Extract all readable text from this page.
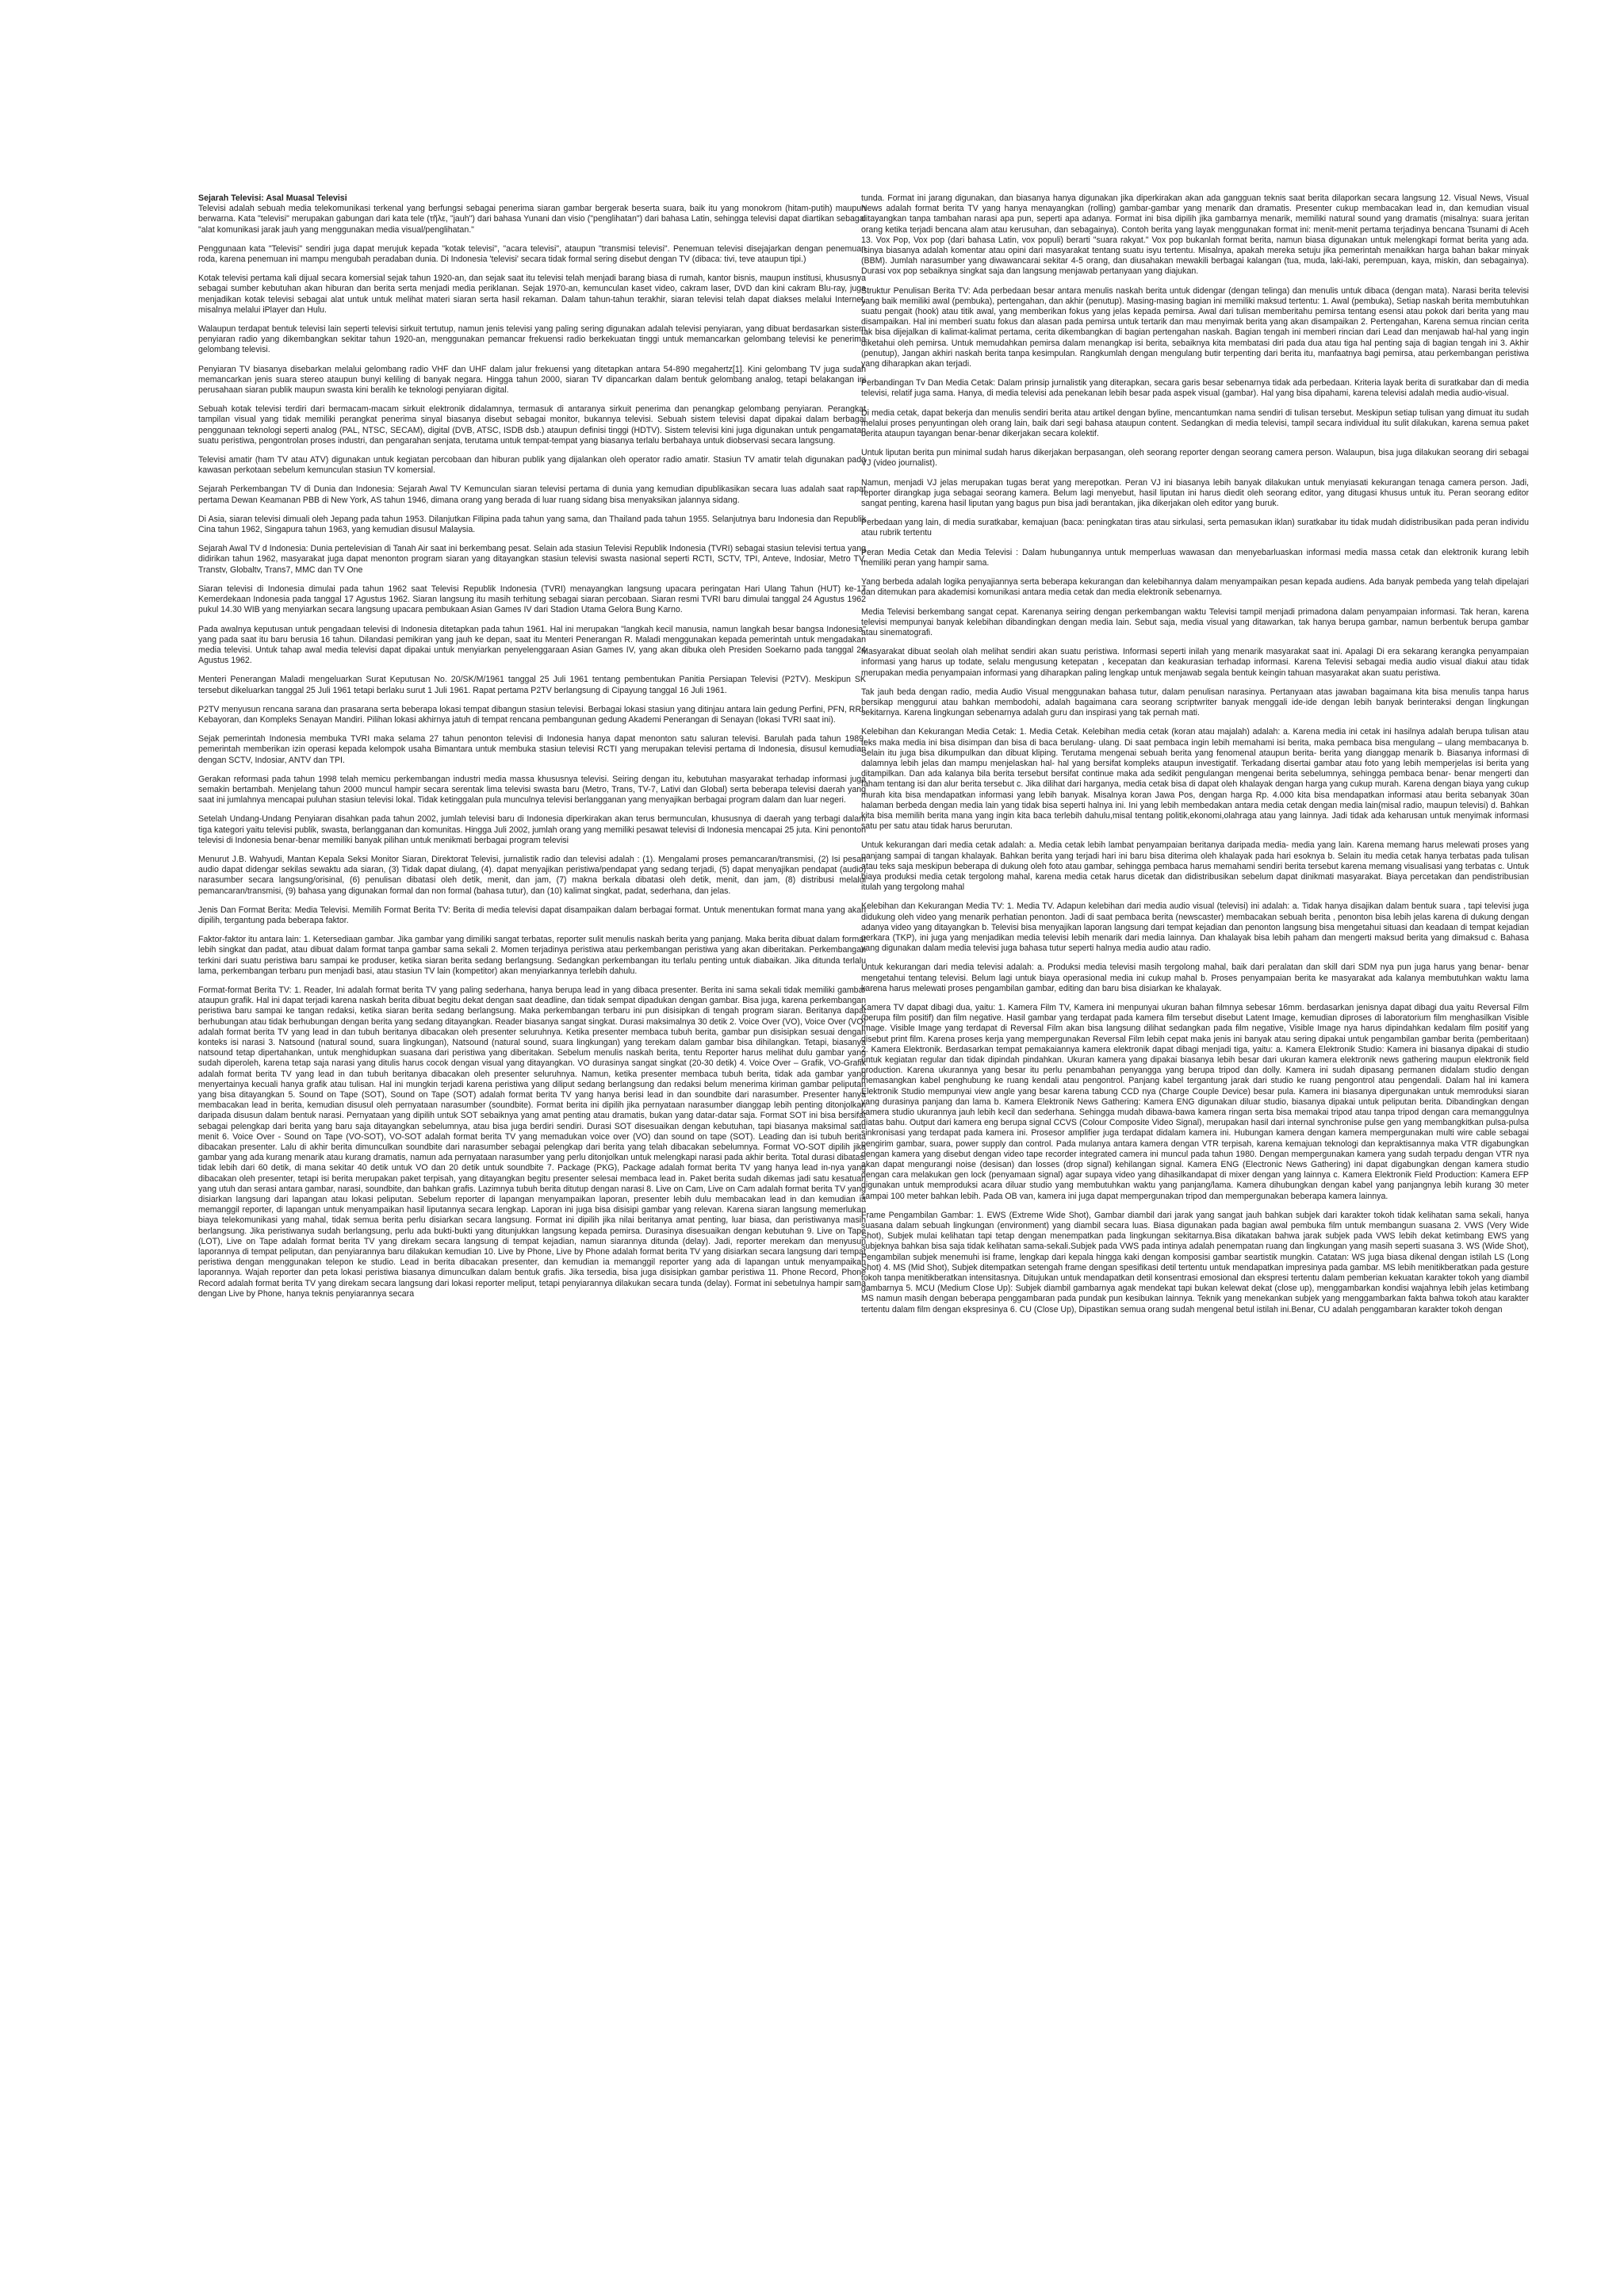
Sejarah Televisi: Asal Muasal Televisi

Televisi adalah sebuah media telekomunikasi terkenal yang berfungsi sebagai penerima siaran gambar bergerak beserta suara, baik itu yang monokrom (hitam-putih) maupun berwarna. Kata "televisi" merupakan gabungan dari kata tele (τῆλε, "jauh") dari bahasa Yunani dan visio ("penglihatan") dari bahasa Latin, sehingga televisi dapat diartikan sebagai "alat komunikasi jarak jauh yang menggunakan media visual/penglihatan."

Penggunaan kata "Televisi" sendiri juga dapat merujuk kepada "kotak televisi", "acara televisi", ataupun "transmisi televisi". Penemuan televisi disejajarkan dengan penemuan roda, karena penemuan ini mampu mengubah peradaban dunia. Di Indonesia 'televisi' secara tidak formal sering disebut dengan TV (dibaca: tivi, teve ataupun tipi.)

Kotak televisi pertama kali dijual secara komersial sejak tahun 1920-an, dan sejak saat itu televisi telah menjadi barang biasa di rumah, kantor bisnis, maupun institusi, khususnya sebagai sumber kebutuhan akan hiburan dan berita serta menjadi media periklanan. Sejak 1970-an, kemunculan kaset video, cakram laser, DVD dan kini cakram Blu-ray, juga menjadikan kotak televisi sebagai alat untuk untuk melihat materi siaran serta hasil rekaman. Dalam tahun-tahun terakhir, siaran televisi telah dapat diakses melalui Internet, misalnya melalui iPlayer dan Hulu.

Walaupun terdapat bentuk televisi lain seperti televisi sirkuit tertutup, namun jenis televisi yang paling sering digunakan adalah televisi penyiaran, yang dibuat berdasarkan sistem penyiaran radio yang dikembangkan sekitar tahun 1920-an, menggunakan pemancar frekuensi radio berkekuatan tinggi untuk memancarkan gelombang televisi ke penerima gelombang televisi.

Penyiaran TV biasanya disebarkan melalui gelombang radio VHF dan UHF dalam jalur frekuensi yang ditetapkan antara 54-890 megahertz[1]. Kini gelombang TV juga sudah memancarkan jenis suara stereo ataupun bunyi keliling di banyak negara. Hingga tahun 2000, siaran TV dipancarkan dalam bentuk gelombang analog, tetapi belakangan ini perusahaan siaran publik maupun swasta kini beralih ke teknologi penyiaran digital.

Sebuah kotak televisi terdiri dari bermacam-macam sirkuit elektronik didalamnya, termasuk di antaranya sirkuit penerima dan penangkap gelombang penyiaran. Perangkat tampilan visual yang tidak memiliki perangkat penerima sinyal biasanya disebut sebagai monitor, bukannya televisi. Sebuah sistem televisi dapat dipakai dalam berbagai penggunaan teknologi seperti analog (PAL, NTSC, SECAM), digital (DVB, ATSC, ISDB dsb.) ataupun definisi tinggi (HDTV). Sistem televisi kini juga digunakan untuk pengamatan suatu peristiwa, pengontrolan proses industri, dan pengarahan senjata, terutama untuk tempat-tempat yang biasanya terlalu berbahaya untuk diobservasi secara langsung.

Televisi amatir (ham TV atau ATV) digunakan untuk kegiatan percobaan dan hiburan publik yang dijalankan oleh operator radio amatir. Stasiun TV amatir telah digunakan pada kawasan perkotaan sebelum kemunculan stasiun TV komersial.

Sejarah Perkembangan TV di Dunia dan Indonesia: Sejarah Awal TV Kemunculan siaran televisi pertama di dunia yang kemudian dipublikasikan secara luas adalah saat rapat pertama Dewan Keamanan PBB di New York, AS tahun 1946, dimana orang yang berada di luar ruang sidang bisa menyaksikan jalannya sidang.

Di Asia, siaran televisi dimuali oleh Jepang pada tahun 1953. Dilanjutkan Filipina pada tahun yang sama, dan Thailand pada tahun 1955. Selanjutnya baru Indonesia dan Republik Cina tahun 1962, Singapura tahun 1963, yang kemudian disusul Malaysia.

Sejarah Awal TV d Indonesia: Dunia pertelevisian di Tanah Air saat ini berkembang pesat. Selain ada stasiun Televisi Republik Indonesia (TVRI) sebagai stasiun televisi tertua yang didirikan tahun 1962, masyarakat juga dapat menonton program siaran yang ditayangkan stasiun televisi swasta nasional seperti RCTI, SCTV, TPI, Anteve, Indosiar, Metro TV, Transtv, Globaltv, Trans7, MMC dan TV One

Siaran televisi di Indonesia dimulai pada tahun 1962 saat Televisi Republik Indonesia (TVRI) menayangkan langsung upacara peringatan Hari Ulang Tahun (HUT) ke-17 Kemerdekaan Indonesia pada tanggal 17 Agustus 1962. Siaran langsung itu masih terhitung sebagai siaran percobaan. Siaran resmi TVRI baru dimulai tanggal 24 Agustus 1962 pukul 14.30 WIB yang menyiarkan secara langsung upacara pembukaan Asian Games IV dari Stadion Utama Gelora Bung Karno.

Pada awalnya keputusan untuk pengadaan televisi di Indonesia ditetapkan pada tahun 1961. Hal ini merupakan "langkah kecil manusia, namun langkah besar bangsa Indonesia" yang pada saat itu baru berusia 16 tahun. Dilandasi pemikiran yang jauh ke depan, saat itu Menteri Penerangan R. Maladi menggunakan kepada pemerintah untuk mengadakan media televisi. Untuk tahap awal media televisi dapat dipakai untuk menyiarkan penyelenggaraan Asian Games IV, yang akan dibuka oleh Presiden Soekarno pada tanggal 24 Agustus 1962.

Menteri Penerangan Maladi mengeluarkan Surat Keputusan No. 20/SK/M/1961 tanggal 25 Juli 1961 tentang pembentukan Panitia Persiapan Televisi (P2TV). Meskipun SK tersebut dikeluarkan tanggal 25 Juli 1961 tetapi berlaku surut 1 Juli 1961. Rapat pertama P2TV berlangsung di Cipayung tanggal 16 Juli 1961.

P2TV menyusun rencana sarana dan prasarana serta beberapa lokasi tempat dibangun stasiun televisi. Berbagai lokasi stasiun yang ditinjau antara lain gedung Perfini, PFN, RRI, Kebayoran, dan Kompleks Senayan Mandiri. Pilihan lokasi akhirnya jatuh di tempat rencana pembangunan gedung Akademi Penerangan di Senayan (lokasi TVRI saat ini).

Sejak pemerintah Indonesia membuka TVRI maka selama 27 tahun penonton televisi di Indonesia hanya dapat menonton satu saluran televisi. Barulah pada tahun 1989, pemerintah memberikan izin operasi kepada kelompok usaha Bimantara untuk membuka stasiun televisi RCTI yang merupakan televisi pertama di Indonesia, disusul kemudian dengan SCTV, Indosiar, ANTV dan TPI.

Gerakan reformasi pada tahun 1998 telah memicu perkembangan industri media massa khususnya televisi. Seiring dengan itu, kebutuhan masyarakat terhadap informasi juga semakin bertambah. Menjelang tahun 2000 muncul hampir secara serentak lima televisi swasta baru (Metro, Trans, TV-7, Lativi dan Global) serta beberapa televisi daerah yang saat ini jumlahnya mencapai puluhan stasiun televisi lokal. Tidak ketinggalan pula munculnya televisi berlangganan yang menyajikan berbagai program dalam dan luar negeri.

Setelah Undang-Undang Penyiaran disahkan pada tahun 2002, jumlah televisi baru di Indonesia diperkirakan akan terus bermunculan, khususnya di daerah yang terbagi dalam tiga kategori yaitu televisi publik, swasta, berlangganan dan komunitas. Hingga Juli 2002, jumlah orang yang memiliki pesawat televisi di Indonesia mencapai 25 juta. Kini penonton televisi di Indonesia benar-benar memiliki banyak pilihan untuk menikmati berbagai program televisi

Menurut J.B. Wahyudi, Mantan Kepala Seksi Monitor Siaran, Direktorat Televisi, jurnalistik radio dan televisi adalah : (1). Mengalami proses pemancaran/transmisi, (2) Isi pesan audio dapat didengar sekilas sewaktu ada siaran, (3) Tidak dapat diulang, (4). dapat menyajikan peristiwa/pendapat yang sedang terjadi, (5) dapat menyajikan pendapat (audio) narasumber secara langsung/orisinal, (6) penulisan dibatasi oleh detik, menit, dan jam, (7) makna berkala dibatasi oleh detik, menit, dan jam, (8) distribusi melalui pemancaran/transmisi, (9) bahasa yang digunakan formal dan non formal (bahasa tutur), dan (10) kalimat singkat, padat, sederhana, dan jelas.

Jenis Dan Format Berita: Media Televisi. Memilih Format Berita TV: Berita di media televisi dapat disampaikan dalam berbagai format. Untuk menentukan format mana yang akan dipilih, tergantung pada beberapa faktor.

Faktor-faktor itu antara lain: 1. Ketersediaan gambar. Jika gambar yang dimiliki sangat terbatas, reporter sulit menulis naskah berita yang panjang. Maka berita dibuat dalam format lebih singkat dan padat, atau dibuat dalam format tanpa gambar sama sekali 2. Momen terjadinya peristiwa atau perkembangan peristiwa yang akan diberitakan. Perkembangan terkini dari suatu peristiwa baru sampai ke produser, ketika siaran berita sedang berlangsung. Sedangkan perkembangan itu terlalu penting untuk diabaikan. Jika ditunda terlalu lama, perkembangan terbaru pun menjadi basi, atau stasiun TV lain (kompetitor) akan menyiarkannya terlebih dahulu.

Format-format Berita TV: 1. Reader, Ini adalah format berita TV yang paling sederhana, hanya berupa lead in yang dibaca presenter. Berita ini sama sekali tidak memiliki gambar ataupun grafik. Hal ini dapat terjadi karena naskah berita dibuat begitu dekat dengan saat deadline, dan tidak sempat dipadukan dengan gambar. Bisa juga, karena perkembangan peristiwa baru sampai ke tangan redaksi, ketika siaran berita sedang berlangsung. Maka perkembangan terbaru ini pun disisipkan di tengah program siaran. Beritanya dapat berhubungan atau tidak berhubungan dengan berita yang sedang ditayangkan. Reader biasanya sangat singkat. Durasi maksimalnya 30 detik 2. Voice Over (VO), Voice Over (VO) adalah format berita TV yang lead in dan tubuh beritanya dibacakan oleh presenter seluruhnya. Ketika presenter membaca tubuh berita, gambar pun disisipkan sesuai dengan konteks isi narasi 3. Natsound (natural sound, suara lingkungan), Natsound (natural sound, suara lingkungan) yang terekam dalam gambar bisa dihilangkan. Tetapi, biasanya natsound tetap dipertahankan, untuk menghidupkan suasana dari peristiwa yang diberitakan. Sebelum menulis naskah berita, tentu Reporter harus melihat dulu gambar yang sudah diperoleh, karena tetap saja narasi yang ditulis harus cocok dengan visual yang ditayangkan. VO durasinya sangat singkat (20-30 detik) 4. Voice Over – Grafik, VO-Grafik adalah format berita TV yang lead in dan tubuh beritanya dibacakan oleh presenter seluruhnya. Namun, ketika presenter membaca tubuh berita, tidak ada gambar yang menyertainya kecuali hanya grafik atau tulisan. Hal ini mungkin terjadi karena peristiwa yang diliput sedang berlangsung dan redaksi belum menerima kiriman gambar peliputan yang bisa ditayangkan 5. Sound on Tape (SOT), Sound on Tape (SOT) adalah format berita TV yang hanya berisi lead in dan soundbite dari narasumber. Presenter hanya membacakan lead in berita, kemudian disusul oleh pernyataan narasumber (soundbite). Format berita ini dipilih jika pernyataan narasumber dianggap lebih penting ditonjolkan daripada disusun dalam bentuk narasi. Pernyataan yang dipilih untuk SOT sebaiknya yang amat penting atau dramatis, bukan yang datar-datar saja. Format SOT ini bisa bersifat sebagai pelengkap dari berita yang baru saja ditayangkan sebelumnya, atau bisa juga berdiri sendiri. Durasi SOT disesuaikan dengan kebutuhan, tapi biasanya maksimal satu menit 6. Voice Over - Sound on Tape (VO-SOT), VO-SOT adalah format berita TV yang memadukan voice over (VO) dan sound on tape (SOT). Leading dan isi tubuh berita dibacakan presenter. Lalu di akhir berita dimunculkan soundbite dari narasumber sebagai pelengkap dari berita yang telah dibacakan sebelumnya. Format VO-SOT dipilih jika gambar yang ada kurang menarik atau kurang dramatis, namun ada pernyataan narasumber yang perlu ditonjolkan untuk melengkapi narasi pada akhir berita. Total durasi dibatasi tidak lebih dari 60 detik, di mana sekitar 40 detik untuk VO dan 20 detik untuk soundbite 7. Package (PKG), Package adalah format berita TV yang hanya lead in-nya yang dibacakan oleh presenter, tetapi isi berita merupakan paket terpisah, yang ditayangkan begitu presenter selesai membaca lead in. Paket berita sudah dikemas jadi satu kesatuan yang utuh dan serasi antara gambar, narasi, soundbite, dan bahkan grafis. Lazimnya tubuh berita ditutup dengan narasi 8. Live on Cam, Live on Cam adalah format berita TV yang disiarkan langsung dari lapangan atau lokasi peliputan. Sebelum reporter di lapangan menyampaikan laporan, presenter lebih dulu membacakan lead in dan kemudian ia memanggil reporter, di lapangan untuk menyampaikan hasil liputannya secara lengkap. Laporan ini juga bisa disisipi gambar yang relevan. Karena siaran langsung memerlukan biaya telekomunikasi yang mahal, tidak semua berita perlu disiarkan secara langsung. Format ini dipilih jika nilai beritanya amat penting, luar biasa, dan peristiwanya masih berlangsung. Jika peristiwanya sudah berlangsung, perlu ada bukti-bukti yang ditunjukkan langsung kepada pemirsa. Durasinya disesuaikan dengan kebutuhan 9. Live on Tape (LOT), Live on Tape adalah format berita TV yang direkam secara langsung di tempat kejadian, namun siarannya ditunda (delay). Jadi, reporter merekam dan menyusun laporannya di tempat peliputan, dan penyiarannya baru dilakukan kemudian 10. Live by Phone, Live by Phone adalah format berita TV yang disiarkan secara langsung dari tempat peristiwa dengan menggunakan telepon ke studio. Lead in berita dibacakan presenter, dan kemudian ia memanggil reporter yang ada di lapangan untuk menyampaikan laporannya. Wajah reporter dan peta lokasi peristiwa biasanya dimunculkan dalam bentuk grafis. Jika tersedia, bisa juga disisipkan gambar peristiwa 11. Phone Record, Phone Record adalah format berita TV yang direkam secara langsung dari lokasi reporter meliput, tetapi penyiarannya dilakukan secara tunda (delay). Format ini sebetulnya hampir sama dengan Live by Phone, hanya teknis penyiarannya secara

tunda. Format ini jarang digunakan, dan biasanya hanya digunakan jika diperkirakan akan ada gangguan teknis saat berita dilaporkan secara langsung 12. Visual News, Visual News adalah format berita TV yang hanya menayangkan (rolling) gambar-gambar yang menarik dan dramatis. Presenter cukup membacakan lead in, dan kemudian visual ditayangkan tanpa tambahan narasi apa pun, seperti apa adanya. Format ini bisa dipilih jika gambarnya menarik, memiliki natural sound yang dramatis (misalnya: suara jeritan orang ketika terjadi bencana alam atau kerusuhan, dan sebagainya). Contoh berita yang layak menggunakan format ini: menit-menit pertama terjadinya bencana Tsunami di Aceh 13. Vox Pop, Vox pop (dari bahasa Latin, vox populi) berarti "suara rakyat." Vox pop bukanlah format berita, namun biasa digunakan untuk melengkapi format berita yang ada. Isinya biasanya adalah komentar atau opini dari masyarakat tentang suatu isyu tertentu. Misalnya, apakah mereka setuju jika pemerintah menaikkan harga bahan bakar minyak (BBM). Jumlah narasumber yang diwawancarai sekitar 4-5 orang, dan diusahakan mewakili berbagai kalangan (tua, muda, laki-laki, perempuan, kaya, miskin, dan sebagainya). Durasi vox pop sebaiknya singkat saja dan langsung menjawab pertanyaan yang diajukan.

Struktur Penulisan Berita TV: Ada perbedaan besar antara menulis naskah berita untuk didengar (dengan telinga) dan menulis untuk dibaca (dengan mata). Narasi berita televisi yang baik memiliki awal (pembuka), pertengahan, dan akhir (penutup). Masing-masing bagian ini memiliki maksud tertentu: 1. Awal (pembuka), Setiap naskah berita membutuhkan suatu pengait (hook) atau titik awal, yang memberikan fokus yang jelas kepada pemirsa. Awal dari tulisan memberitahu pemirsa tentang esensi atau pokok dari berita yang mau disampaikan. Hal ini memberi suatu fokus dan alasan pada pemirsa untuk tertarik dan mau menyimak berita yang akan disampaikan 2. Pertengahan, Karena semua rincian cerita tak bisa dijejalkan di kalimat-kalimat pertama, cerita dikembangkan di bagian pertengahan naskah. Bagian tengah ini memberi rincian dari Lead dan menjawab hal-hal yang ingin diketahui oleh pemirsa. Untuk memudahkan pemirsa dalam menangkap isi berita, sebaiknya kita membatasi diri pada dua atau tiga hal penting saja di bagian tengah ini 3. Akhir (penutup), Jangan akhiri naskah berita tanpa kesimpulan. Rangkumlah dengan mengulang butir terpenting dari berita itu, manfaatnya bagi pemirsa, atau perkembangan peristiwa yang diharapkan akan terjadi.

Perbandingan Tv Dan Media Cetak: Dalam prinsip jurnalistik yang diterapkan, secara garis besar sebenarnya tidak ada perbedaan. Kriteria layak berita di suratkabar dan di media televisi, relatif juga sama. Hanya, di media televisi ada penekanan lebih besar pada aspek visual (gambar). Hal yang bisa dipahami, karena televisi adalah media audio-visual.

Di media cetak, dapat bekerja dan menulis sendiri berita atau artikel dengan byline, mencantumkan nama sendiri di tulisan tersebut. Meskipun setiap tulisan yang dimuat itu sudah melalui proses penyuntingan oleh orang lain, baik dari segi bahasa ataupun content. Sedangkan di media televisi, tampil secara individual itu sulit dilakukan, karena semua paket berita ataupun tayangan benar-benar dikerjakan secara kolektif.

Untuk liputan berita pun minimal sudah harus dikerjakan berpasangan, oleh seorang reporter dengan seorang camera person. Walaupun, bisa juga dilakukan seorang diri sebagai VJ (video journalist).

Namun, menjadi VJ jelas merupakan tugas berat yang merepotkan. Peran VJ ini biasanya lebih banyak dilakukan untuk menyiasati kekurangan tenaga camera person. Jadi, reporter dirangkap juga sebagai seorang kamera. Belum lagi menyebut, hasil liputan ini harus diedit oleh seorang editor, yang ditugasi khusus untuk itu. Peran seorang editor sangat penting, karena hasil liputan yang bagus pun bisa jadi berantakan, jika dikerjakan oleh editor yang buruk.

Perbedaan yang lain, di media suratkabar, kemajuan (baca: peningkatan tiras atau sirkulasi, serta pemasukan iklan) suratkabar itu tidak mudah didistribusikan pada peran individu atau rubrik tertentu

Peran Media Cetak dan Media Televisi : Dalam hubungannya untuk memperluas wawasan dan menyebarluaskan informasi media massa cetak dan elektronik kurang lebih memiliki peran yang hampir sama.

Yang berbeda adalah logika penyajiannya serta beberapa kekurangan dan kelebihannya dalam menyampaikan pesan kepada audiens. Ada banyak pembeda yang telah dipelajari dan ditemukan para akademisi komunikasi antara media cetak dan media elektronik sebenarnya.

Media Televisi berkembang sangat cepat. Karenanya seiring dengan perkembangan waktu Televisi tampil menjadi primadona dalam penyampaian informasi. Tak heran, karena televisi mempunyai banyak kelebihan dibandingkan dengan media lain. Sebut saja, media visual yang ditawarkan, tak hanya berupa gambar, namun berbentuk berupa gambar atau sinematografi.

Masyarakat dibuat seolah olah melihat sendiri akan suatu peristiwa. Informasi seperti inilah yang menarik masyarakat saat ini. Apalagi Di era sekarang kerangka penyampaian informasi yang harus up todate, selalu mengusung ketepatan , kecepatan dan keakurasian terhadap informasi. Karena Televisi sebagai media audio visual diakui atau tidak merupakan media penyampaian informasi yang diharapkan paling lengkap untuk menjawab segala bentuk keingin tahuan masyarakat akan suatu peristiwa.

Tak jauh beda dengan radio, media Audio Visual menggunakan bahasa tutur, dalam penulisan narasinya. Pertanyaan atas jawaban bagaimana kita bisa menulis tanpa harus bersikap menggurui atau bahkan membodohi, adalah bagaimana cara seorang scriptwriter banyak menggali ide-ide dengan lebih banyak berinteraksi dengan lingkungan sekitarnya. Karena lingkungan sebenarnya adalah guru dan inspirasi yang tak pernah mati.

Kelebihan dan Kekurangan Media Cetak: 1. Media Cetak. Kelebihan media cetak (koran atau majalah) adalah: a. Karena media ini cetak ini hasilnya adalah berupa tulisan atau teks maka media ini bisa disimpan dan bisa di baca berulang- ulang. Di saat pembaca ingin lebih memahami isi berita, maka pembaca bisa mengulang – ulang membacanya b. Selain itu juga bisa dikumpulkan dan dibuat kliping. Terutama mengenai sebuah berita yang fenomenal ataupun berita- berita yang dianggap menarik b. Biasanya informasi di dalamnya lebih jelas dan mampu menjelaskan hal- hal yang bersifat kompleks ataupun investigatif. Terkadang disertai gambar atau foto yang lebih memperjelas isi berita yang ditampilkan. Dan ada kalanya bila berita tersebut bersifat continue maka ada sedikit pengulangan mengenai berita sebelumnya, sehingga pembaca benar- benar mengerti dan faham tentang isi dan alur berita tersebut c. Jika dilihat dari harganya, media cetak bisa di dapat oleh khalayak dengan harga yang cukup murah. Karena dengan biaya yang cukup murah kita bisa mendapatkan informasi yang lebih banyak. Misalnya koran Jawa Pos, dengan harga Rp. 4.000 kita bisa mendapatkan informasi atau berita sebanyak 30an halaman berbeda dengan media lain yang tidak bisa seperti halnya ini. Ini yang lebih membedakan antara media cetak dengan media lain(misal radio, maupun televisi) d. Bahkan kita bisa memilih berita mana yang ingin kita baca terlebih dahulu,misal tentang politik,ekonomi,olahraga atau yang lainnya. Jadi tidak ada keharusan untuk menyimak informasi satu per satu atau tidak harus berurutan.

Untuk kekurangan dari media cetak adalah: a. Media cetak lebih lambat penyampaian beritanya daripada media- media yang lain. Karena memang harus melewati proses yang panjang sampai di tangan khalayak. Bahkan berita yang terjadi hari ini baru bisa diterima oleh khalayak pada hari esoknya b. Selain itu media cetak hanya terbatas pada tulisan atau teks saja meskipun beberapa di dukung oleh foto atau gambar, sehingga pembaca harus memahami sendiri berita tersebut karena memang visualisasi yang terbatas c. Untuk biaya produksi media cetak tergolong mahal, karena media cetak harus dicetak dan didistribusikan sebelum dapat dinikmati masyarakat. Biaya percetakan dan pendistribusian itulah yang tergolong mahal

Kelebihan dan Kekurangan Media TV: 1. Media TV. Adapun kelebihan dari media audio visual (televisi) ini adalah: a. Tidak hanya disajikan dalam bentuk suara , tapi televisi juga didukung oleh video yang menarik perhatian penonton. Jadi di saat pembaca berita (newscaster) membacakan sebuah berita , penonton bisa lebih jelas karena di dukung dengan adanya video yang ditayangkan b. Televisi bisa menyajikan laporan langsung dari tempat kejadian dan penonton langsung bisa mengetahui situasi dan keadaan di tempat kejadian perkara (TKP), ini juga yang menjadikan media televisi lebih menarik dari media lainnya. Dan khalayak bisa lebih paham dan mengerti maksud berita yang dimaksud c. Bahasa yang digunakan dalam media televisi juga bahasa tutur seperti halnya media audio atau radio.

Untuk kekurangan dari media televisi adalah: a. Produksi media televisi masih tergolong mahal, baik dari peralatan dan skill dari SDM nya pun juga harus yang benar- benar mengetahui tentang televisi. Belum lagi untuk biaya operasional media ini cukup mahal b. Proses penyampaian berita ke masyarakat ada kalanya membutuhkan waktu lama karena harus melewati proses pengambilan gambar, editing dan baru bisa disiarkan ke khalayak.

Kamera TV dapat dibagi dua, yaitu: 1. Kamera Film TV, Kamera ini menpunyai ukuran bahan filmnya sebesar 16mm. berdasarkan jenisnya dapat dibagi dua yaitu Reversal Film (berupa film positif) dan film negative. Hasil gambar yang terdapat pada kamera film tersebut disebut Latent Image, kemudian diproses di laboratorium film menghasilkan Visible Image. Visible Image yang terdapat di Reversal Film akan bisa langsung dilihat sedangkan pada film negative, Visible Image nya harus dipindahkan kedalam film positif yang disebut print film. Karena proses kerja yang mempergunakan Reversal Film lebih cepat maka jenis ini banyak atau sering dipakai untuk pengambilan gambar berita (pemberitaan) 2. Kamera Elektronik. Berdasarkan tempat pemakaiannya kamera elektronik dapat dibagi menjadi tiga, yaitu: a. Kamera Elektronik Studio: Kamera ini biasanya dipakai di studio untuk kegiatan regular dan tidak dipindah pindahkan. Ukuran kamera yang dipakai biasanya lebih besar dari ukuran kamera elektronik news gathering maupun elektronik field production. Karena ukurannya yang besar itu perlu penambahan penyangga yang berupa tripod dan dolly. Kamera ini sudah dipasang permanen didalam studio dengan memasangkan kabel penghubung ke ruang kendali atau pengontrol. Panjang kabel tergantung jarak dari studio ke ruang pengontrol atau pengendali. Dalam hal ini kamera Elektronik Studio mempunyai view angle yang besar karena tabung CCD nya (Charge Couple Device) besar pula. Kamera ini biasanya dipergunakan untuk memroduksi siaran yang durasinya panjang dan lama b. Kamera Elektronik News Gathering: Kamera ENG digunakan diluar studio, biasanya dipakai untuk peliputan berita. Dibandingkan dengan kamera studio ukurannya jauh lebih kecil dan sederhana. Sehingga mudah dibawa-bawa kamera ringan serta bisa memakai tripod atau tanpa tripod dengan cara memanggulnya diatas bahu. Output dari kamera eng berupa signal CCVS (Colour Composite Video Signal), merupakan hasil dari internal synchronise pulse gen yang membangkitkan pulsa-pulsa sinkronisasi yang terdapat pada kamera ini. Prosesor amplifier juga terdapat didalam kamera ini. Hubungan kamera dengan kamera mempergunakan multi wire cable sebagai pengirim gambar, suara, power supply dan control. Pada mulanya antara kamera dengan VTR terpisah, karena kemajuan teknologi dan kepraktisannya maka VTR digabungkan dengan kamera yang disebut dengan video tape recorder integrated camera ini muncul pada tahun 1980. Dengan mempergunakan kamera yang sudah terpadu dengan VTR nya akan dapat mengurangi noise (desisan) dan losses (drop signal) kehilangan signal. Kamera ENG (Electronic News Gathering) ini dapat digabungkan dengan kamera studio dengan cara melakukan gen lock (penyamaan signal) agar supaya video yang dihasilkandapat di mixer dengan yang lainnya c. Kamera Elektronik Field Production: Kamera EFP digunakan untuk memproduksi acara diluar studio yang membutuhkan waktu yang panjang/lama. Kamera dihubungkan dengan kabel yang panjangnya lebih kurang 30 meter sampai 100 meter bahkan lebih. Pada OB van, kamera ini juga dapat mempergunakan tripod dan mempergunakan beberapa kamera lainnya.

Frame Pengambilan Gambar: 1. EWS (Extreme Wide Shot), Gambar diambil dari jarak yang sangat jauh bahkan subjek dari karakter tokoh tidak kelihatan sama sekali, hanya suasana dalam sebuah lingkungan (environment) yang diambil secara luas. Biasa digunakan pada bagian awal pembuka film untuk membangun suasana 2. VWS (Very Wide Shot), Subjek mulai kelihatan tapi tetap dengan menempatkan pada lingkungan sekitarnya.Bisa dikatakan bahwa jarak subjek pada VWS lebih dekat ketimbang EWS yang subjeknya bahkan bisa saja tidak kelihatan sama-sekali.Subjek pada VWS pada intinya adalah penempatan ruang dan lingkungan yang masih seperti suasana 3. WS (Wide Shot), Pengambilan subjek menemuhi isi frame, lengkap dari kepala hingga kaki dengan komposisi gambar seartistik mungkin. Catatan: WS juga biasa dikenal dengan istilah LS (Long Shot) 4. MS (Mid Shot), Subjek ditempatkan setengah frame dengan spesifikasi detil tertentu untuk mendapatkan impresinya pada gambar. MS lebih menitikberatkan pada gesture tokoh tanpa menitikberatkan intensitasnya. Ditujukan untuk mendapatkan detil konsentrasi emosional dan ekspresi tertentu dalam pemberian kekuatan karakter tokoh yang diambil gambarnya 5. MCU (Medium Close Up): Subjek diambil gambarnya agak mendekat tapi bukan kelewat dekat (close up), menggambarkan kondisi wajahnya lebih jelas ketimbang MS namun masih dengan beberapa penggambaran pada pundak pun kesibukan lainnya. Teknik yang menekankan subjek yang menggambarkan fakta bahwa tokoh atau karakter tertentu dalam film dengan ekspresinya 6. CU (Close Up), Dipastikan semua orang sudah mengenal betul istilah ini.Benar, CU adalah penggambaran karakter tokoh dengan
